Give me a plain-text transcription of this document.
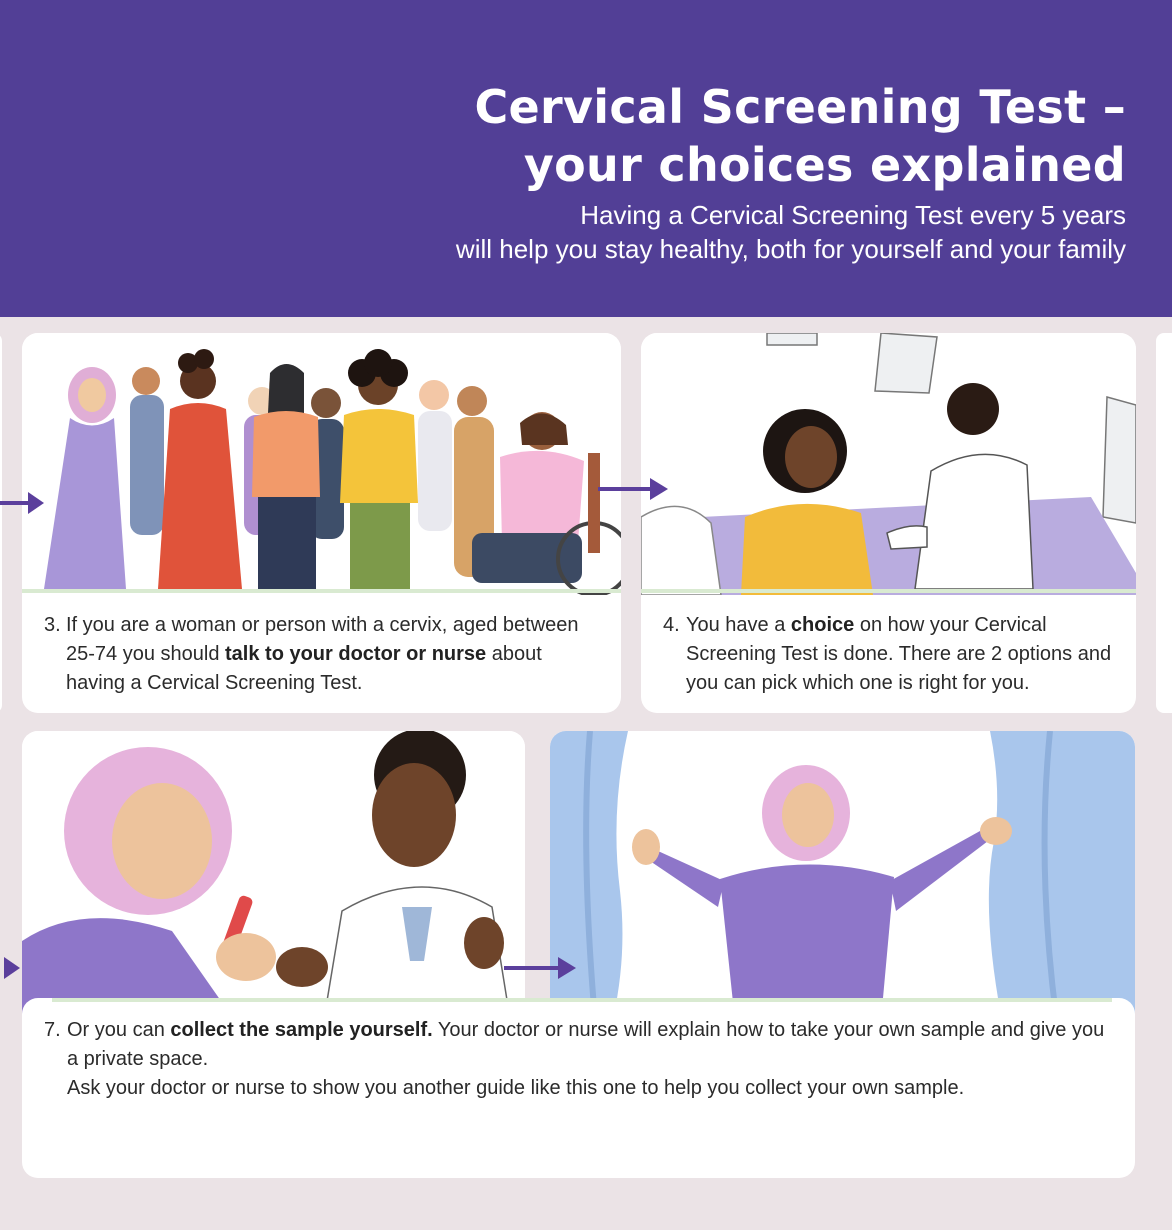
Cervical Screening Test –
your choices explained
Having a Cervical Screening Test every 5 years
will help you stay healthy, both for yourself and your family
3. If you are a woman or person with a cervix, aged between 25-74 you should talk to your doctor or nurse about having a Cervical Screening Test.
4. You have a choice on how your Cervical Screening Test is done. There are 2 options and you can pick which one is right for you.
7. Or you can collect the sample yourself. Your doctor or nurse will explain how to take your own sample and give you a private space.
Ask your doctor or nurse to show you another guide like this one to help you collect your own sample.
